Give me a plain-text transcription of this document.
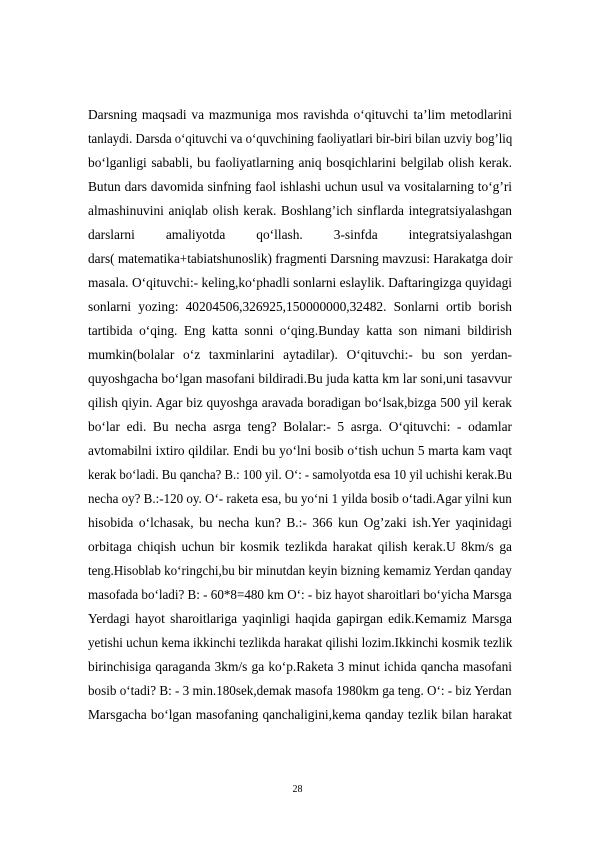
Darsning maqsadi va mazmuniga mos ravishda o‘qituvchi ta’lim metodlarini
tanlaydi. Darsda o‘qituvchi va o‘quvchining faoliyatlari bir-biri bilan uzviy bog’liq
bo‘lganligi sababli, bu faoliyatlarning aniq bosqichlarini belgilab olish kerak.
Butun dars davomida sinfning faol ishlashi uchun usul va vositalarning to‘g’ri
almashinuvini aniqlab olish kerak. Boshlang’ich sinflarda integratsiyalashgan
darslarni amaliyotda qo‘llash. 3-sinfda integratsiyalashgan
dars( matematika+tabiatshunoslik) fragmenti Darsning mavzusi: Harakatga doir
masala. O‘qituvchi:- keling,ko‘phadli sonlarni eslaylik. Daftaringizga quyidagi
sonlarni yozing: 40204506,326925,150000000,32482. Sonlarni ortib borish
tartibida o‘qing. Eng katta sonni o‘qing.Bunday katta son nimani bildirish
mumkin(bolalar o‘z taxminlarini aytadilar). O‘qituvchi:- bu son yerdan-
quyoshgacha bo‘lgan masofani bildiradi.Bu juda katta km lar soni,uni tasavvur
qilish qiyin. Agar biz quyoshga aravada boradigan bo‘lsak,bizga 500 yil kerak
bo‘lar edi. Bu necha asrga teng? Bolalar:- 5 asrga. O‘qituvchi: - odamlar
avtomabilni ixtiro qildilar. Endi bu yo‘lni bosib o‘tish uchun 5 marta kam vaqt
kerak bo‘ladi. Bu qancha? B.: 100 yil. O‘: - samolyotda esa 10 yil uchishi kerak.Bu
necha oy? B.:-120 oy. O‘- raketa esa, bu yo‘ni 1 yilda bosib o‘tadi.Agar yilni kun
hisobida o‘lchasak, bu necha kun? B.:- 366 kun Og’zaki ish.Yer yaqinidagi
orbitaga chiqish uchun bir kosmik tezlikda harakat qilish kerak.U 8km/s ga
teng.Hisoblab ko‘ringchi,bu bir minutdan keyin bizning kemamiz Yerdan qanday
masofada bo‘ladi? B: - 60*8=480 km O‘: - biz hayot sharoitlari bo‘yicha Marsga
Yerdagi hayot sharoitlariga yaqinligi haqida gapirgan edik.Kemamiz Marsga
yetishi uchun kema ikkinchi tezlikda harakat qilishi lozim.Ikkinchi kosmik tezlik
birinchisiga qaraganda 3km/s ga ko‘p.Raketa 3 minut ichida qancha masofani
bosib o‘tadi? B: - 3 min.180sek,demak masofa 1980km ga teng. O‘: - biz Yerdan
Marsgacha bo‘lgan masofaning qanchaligini,kema qanday tezlik bilan harakat
28
